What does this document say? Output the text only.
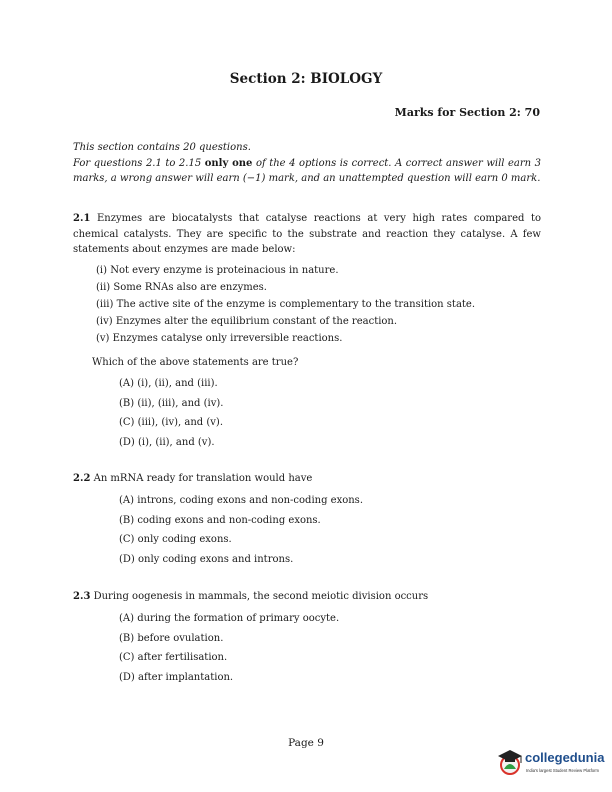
Section 2: BIOLOGY
Marks for Section 2: 70
This section contains 20 questions.
For questions 2.1 to 2.15 only one of the 4 options is correct. A correct answer will earn 3 marks, a wrong answer will earn (−1) mark, and an unattempted question will earn 0 mark.
2.1 Enzymes are biocatalysts that catalyse reactions at very high rates compared to chemical catalysts. They are specific to the substrate and reaction they catalyse. A few statements about enzymes are made below:
(i) Not every enzyme is proteinacious in nature.
(ii) Some RNAs also are enzymes.
(iii) The active site of the enzyme is complementary to the transition state.
(iv) Enzymes alter the equilibrium constant of the reaction.
(v) Enzymes catalyse only irreversible reactions.
Which of the above statements are true?
(A) (i), (ii), and (iii).
(B) (ii), (iii), and (iv).
(C) (iii), (iv), and (v).
(D) (i), (ii), and (v).
2.2 An mRNA ready for translation would have
(A) introns, coding exons and non-coding exons.
(B) coding exons and non-coding exons.
(C) only coding exons.
(D) only coding exons and introns.
2.3 During oogenesis in mammals, the second meiotic division occurs
(A) during the formation of primary oocyte.
(B) before ovulation.
(C) after fertilisation.
(D) after implantation.
Page 9
collegedunia
India's largest Student Review Platform
